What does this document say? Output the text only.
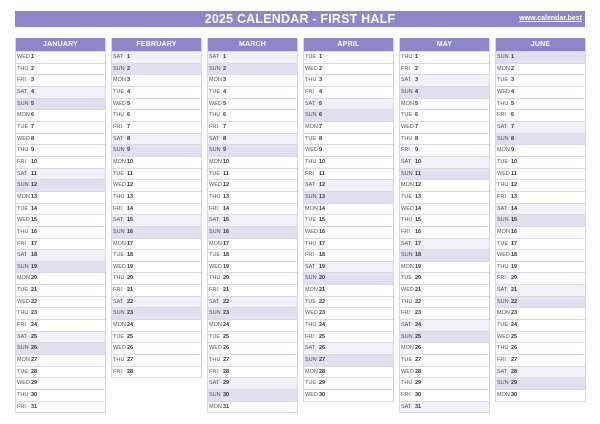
2025 CALENDAR - FIRST HALF	www.calendar.best
JANUARY
WED 1
THU 2
FRI 3
SAT 4
SUN 5
MON 6
TUE 7
WED 8
THU 9
FRI 10
SAT 11
SUN 12
MON 13
TUE 14
WED 15
THU 16
FRI 17
SAT 18
SUN 19
MON 20
TUE 21
WED 22
THU 23
FRI 24
SAT 25
SUN 26
MON 27
TUE 28
WED 29
THU 30
FRI 31
FEBRUARY
SAT 1
SUN 2
MON 3
TUE 4
WED 5
THU 6
FRI 7
SAT 8
SUN 9
MON 10
TUE 11
WED 12
THU 13
FRI 14
SAT 15
SUN 16
MON 17
TUE 18
WED 19
THU 20
FRI 21
SAT 22
SUN 23
MON 24
TUE 25
WED 26
THU 27
FRI 28
MARCH
SAT 1
SUN 2
MON 3
TUE 4
WED 5
THU 6
FRI 7
SAT 8
SUN 9
MON 10
TUE 11
WED 12
THU 13
FRI 14
SAT 15
SUN 16
MON 17
TUE 18
WED 19
THU 20
FRI 21
SAT 22
SUN 23
MON 24
TUE 25
WED 26
THU 27
FRI 28
SAT 29
SUN 30
MON 31
APRIL
TUE 1
WED 2
THU 3
FRI 4
SAT 5
SUN 6
MON 7
TUE 8
WED 9
THU 10
FRI 11
SAT 12
SUN 13
MON 14
TUE 15
WED 16
THU 17
FRI 18
SAT 19
SUN 20
MON 21
TUE 22
WED 23
THU 24
FRI 25
SAT 26
SUN 27
MON 28
TUE 29
WED 30
MAY
THU 1
FRI 2
SAT 3
SUN 4
MON 5
TUE 6
WED 7
THU 8
FRI 9
SAT 10
SUN 11
MON 12
TUE 13
WED 14
THU 15
FRI 16
SAT 17
SUN 18
MON 19
TUE 20
WED 21
THU 22
FRI 23
SAT 24
SUN 25
MON 26
TUE 27
WED 28
THU 29
FRI 30
SAT 31
JUNE
SUN 1
MON 2
TUE 3
WED 4
THU 5
FRI 6
SAT 7
SUN 8
MON 9
TUE 10
WED 11
THU 12
FRI 13
SAT 14
SUN 15
MON 16
TUE 17
WED 18
THU 19
FRI 20
SAT 21
SUN 22
MON 23
TUE 24
WED 25
THU 26
FRI 27
SAT 28
SUN 29
MON 30
